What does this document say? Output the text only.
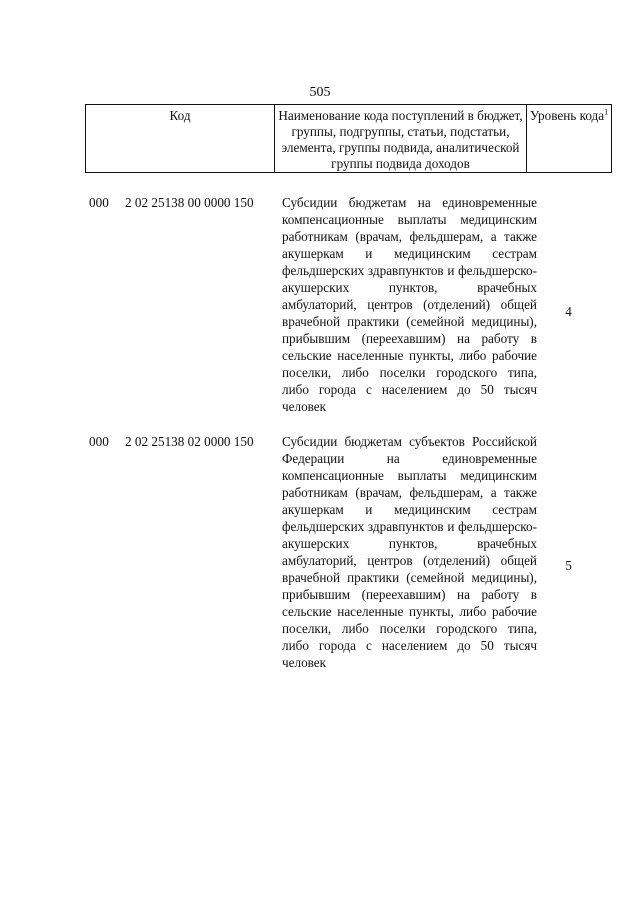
505
Код	Наименование кода поступлений в бюджет, группы, подгруппы, статьи, подстатьи, элемента, группы подвида, аналитической группы подвида доходов
Уровень кода$^1$
000 2 02 25138 00 0000 150 Субсидии бюджетам на единовременные компенсационные выплаты медицинским работникам (врачам, фельдшерам, а также акушеркам и медицинским сестрам фельдшерских здравпунктов и фельдшерско-акушерских пунктов, врачебных амбулаторий, центров (отделений) общей врачебной практики (семейной медицины), прибывшим (переехавшим) на работу в сельские населенные пункты, либо рабочие поселки, либо поселки городского типа, либо города с населением до 50 тысяч человек
4
000 2 02 25138 02 0000 150 Субсидии бюджетам субъектов Российской Федерации на единовременные компенсационные выплаты медицинским работникам (врачам, фельдшерам, а также акушеркам и медицинским сестрам фельдшерских здравпунктов и фельдшерско-акушерских пунктов, врачебных амбулаторий, центров (отделений) общей врачебной практики (семейной медицины), прибывшим (переехавшим) на работу в сельские населенные пункты, либо рабочие поселки, либо поселки городского типа, либо города с населением до 50 тысяч человек
5
